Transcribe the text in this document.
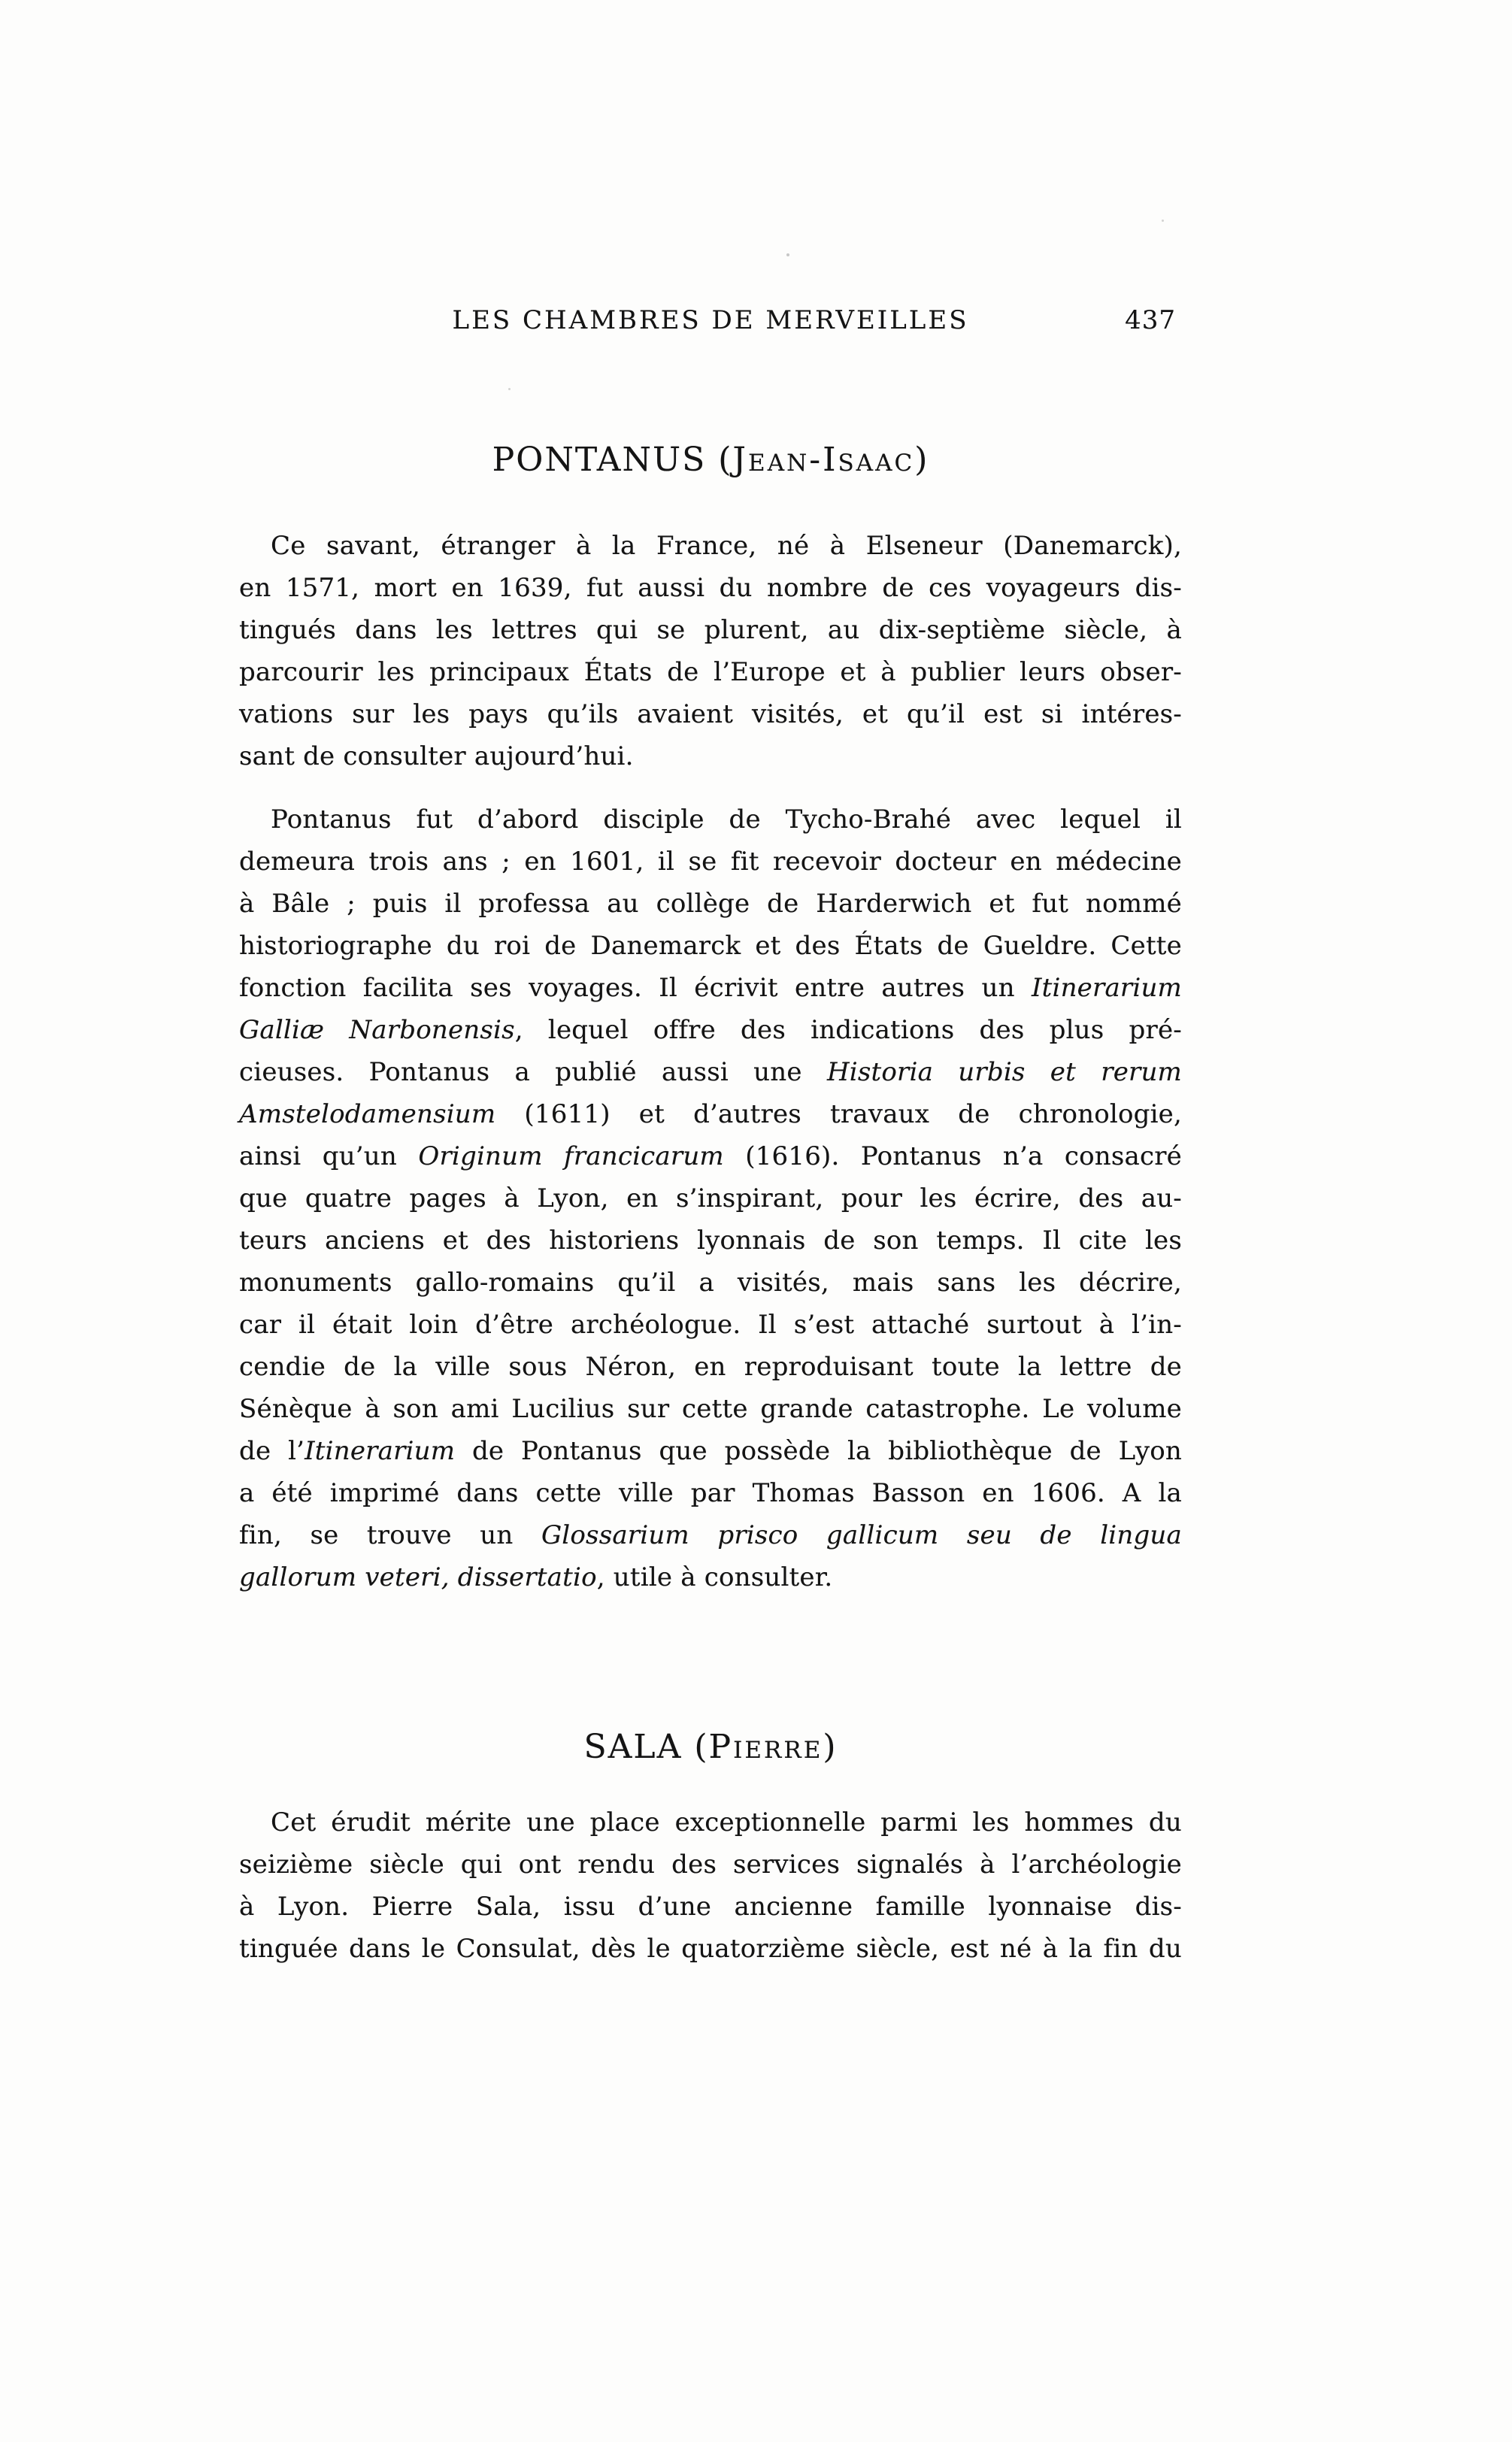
LES CHAMBRES DE MERVEILLES	437
PONTANUS (Jean-Isaac)
Ce savant, étranger à la France, né à Elseneur (Danemarck),
en 1571, mort en 1639, fut aussi du nombre de ces voyageurs dis-
tingués dans les lettres qui se plurent, au dix-septième siècle, à
parcourir les principaux États de l’Europe et à publier leurs obser-
vations sur les pays qu’ils avaient visités, et qu’il est si intéres-
sant de consulter aujourd’hui.
Pontanus fut d’abord disciple de Tycho-Brahé avec lequel il
demeura trois ans ; en 1601, il se fit recevoir docteur en médecine
à Bâle ; puis il professa au collège de Harderwich et fut nommé
historiographe du roi de Danemarck et des États de Gueldre. Cette
fonction facilita ses voyages. Il écrivit entre autres un Itinerarium
Galliæ Narbonensis, lequel offre des indications des plus pré-
cieuses. Pontanus a publié aussi une Historia urbis et rerum
Amstelodamensium (1611) et d’autres travaux de chronologie,
ainsi qu’un Originum francicarum (1616). Pontanus n’a consacré
que quatre pages à Lyon, en s’inspirant, pour les écrire, des au-
teurs anciens et des historiens lyonnais de son temps. Il cite les
monuments gallo-romains qu’il a visités, mais sans les décrire,
car il était loin d’être archéologue. Il s’est attaché surtout à l’in-
cendie de la ville sous Néron, en reproduisant toute la lettre de
Sénèque à son ami Lucilius sur cette grande catastrophe. Le volume
de l’Itinerarium de Pontanus que possède la bibliothèque de Lyon
a été imprimé dans cette ville par Thomas Basson en 1606. A la
fin, se trouve un Glossarium prisco gallicum seu de lingua
gallorum veteri, dissertatio, utile à consulter.
SALA (Pierre)
Cet érudit mérite une place exceptionnelle parmi les hommes du
seizième siècle qui ont rendu des services signalés à l’archéologie
à Lyon. Pierre Sala, issu d’une ancienne famille lyonnaise dis-
tinguée dans le Consulat, dès le quatorzième siècle, est né à la fin du
